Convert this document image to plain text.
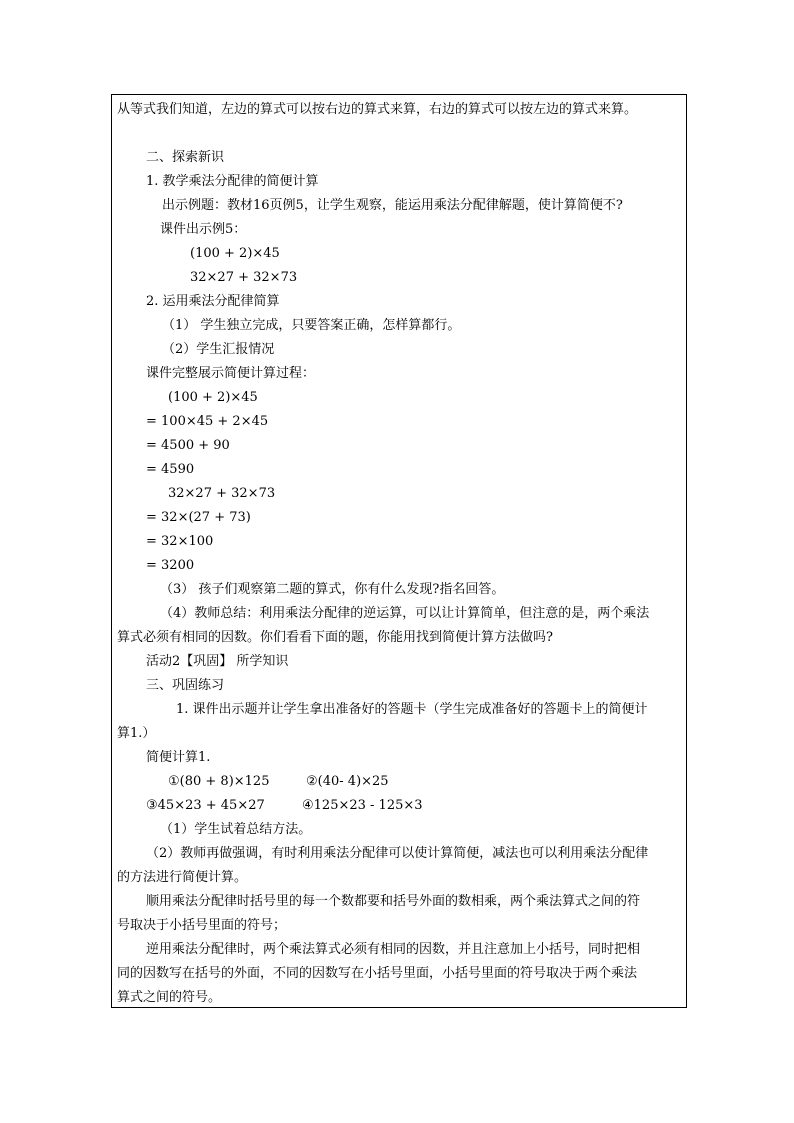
从等式我们知道，左边的算式可以按右边的算式来算，右边的算式可以按左边的算式来算。
二、探索新识
1. 教学乘法分配律的简便计算
出示例题：教材16页例5，让学生观察，能运用乘法分配律解题，使计算简便不?
课件出示例5：
(100 + 2)×45
32×27 + 32×73
2. 运用乘法分配律简算
（1） 学生独立完成，只要答案正确，怎样算都行。
（2）学生汇报情况
课件完整展示简便计算过程：
(100 + 2)×45
= 100×45 + 2×45
= 4500 + 90
= 4590
32×27 + 32×73
= 32×(27 + 73)
= 32×100
= 3200
（3） 孩子们观察第二题的算式，你有什么发现?指名回答。
（4）教师总结：利用乘法分配律的逆运算，可以让计算简单，但注意的是，两个乘法
算式必须有相同的因数。你们看看下面的题，你能用找到简便计算方法做吗?
活动2【巩固】 所学知识
三、巩固练习
1. 课件出示题并让学生拿出准备好的答题卡（学生完成准备好的答题卡上的简便计
算1.）
简便计算1.
①(80 + 8)×125	②(40- 4)×25
③45×23 + 45×27	④125×23 - 125×3
（1）学生试着总结方法。
（2）教师再做强调，有时利用乘法分配律可以使计算简便，减法也可以利用乘法分配律
的方法进行简便计算。
顺用乘法分配律时括号里的每一个数都要和括号外面的数相乘，两个乘法算式之间的符
号取决于小括号里面的符号；
逆用乘法分配律时，两个乘法算式必须有相同的因数，并且注意加上小括号，同时把相
同的因数写在括号的外面，不同的因数写在小括号里面，小括号里面的符号取决于两个乘法
算式之间的符号。
